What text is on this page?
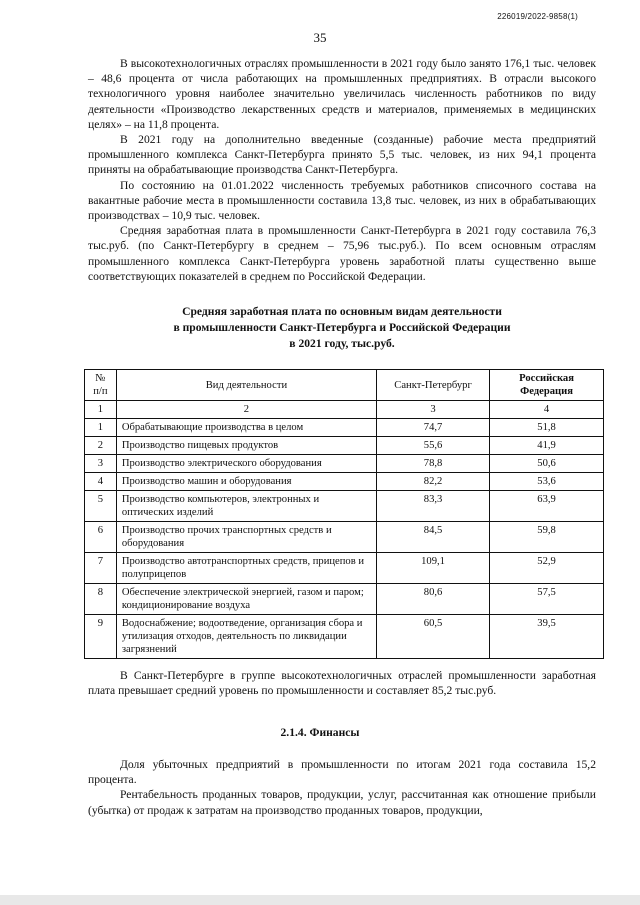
226019/2022-9858(1)
35

В высокотехнологичных отраслях промышленности в 2021 году было занято 176,1 тыс. человек – 48,6 процента от числа работающих на промышленных предприятиях. В отрасли высокого технологичного уровня наиболее значительно увеличилась численность работников по виду деятельности «Производство лекарственных средств и материалов, применяемых в медицинских целях» – на 11,8 процента.

В 2021 году на дополнительно введенные (созданные) рабочие места предприятий промышленного комплекса Санкт-Петербурга принято 5,5 тыс. человек, из них 94,1 процента приняты на обрабатывающие производства Санкт-Петербурга.

По состоянию на 01.01.2022 численность требуемых работников списочного состава на вакантные рабочие места в промышленности составила 13,8 тыс. человек, из них в обрабатывающих производствах – 10,9 тыс. человек.

Средняя заработная плата в промышленности Санкт-Петербурга в 2021 году составила 76,3 тыс.руб. (по Санкт-Петербургу в среднем – 75,96 тыс.руб.). По всем основным отраслям промышленного комплекса Санкт-Петербурга уровень заработной платы существенно выше соответствующих показателей в среднем по Российской Федерации.

Средняя заработная плата по основным видам деятельности
в промышленности Санкт-Петербурга и Российской Федерации
в 2021 году, тыс.руб.
№ п/п	Вид деятельности	Санкт-Петербург	Российская Федерация
1	2	3	4
1	Обрабатывающие производства в целом	74,7	51,8
2	Производство пищевых продуктов	55,6	41,9
3	Производство электрического оборудования	78,8	50,6
4	Производство машин и оборудования	82,2	53,6
5	Производство компьютеров, электронных и оптических изделий	83,3	63,9
6	Производство прочих транспортных средств и оборудования	84,5	59,8
7	Производство автотранспортных средств, прицепов и полуприцепов	109,1	52,9
8	Обеспечение электрической энергией, газом и паром; кондиционирование воздуха	80,6	57,5
9	Водоснабжение; водоотведение, организация сбора и утилизация отходов, деятельность по ликвидации загрязнений	60,5	39,5

В Санкт-Петербурге в группе высокотехнологичных отраслей промышленности заработная плата превышает средний уровень по промышленности и составляет 85,2 тыс.руб.

2.1.4. Финансы

Доля убыточных предприятий в промышленности по итогам 2021 года составила 15,2 процента.

Рентабельность проданных товаров, продукции, услуг, рассчитанная как отношение прибыли (убытка) от продаж к затратам на производство проданных товаров, продукции,
